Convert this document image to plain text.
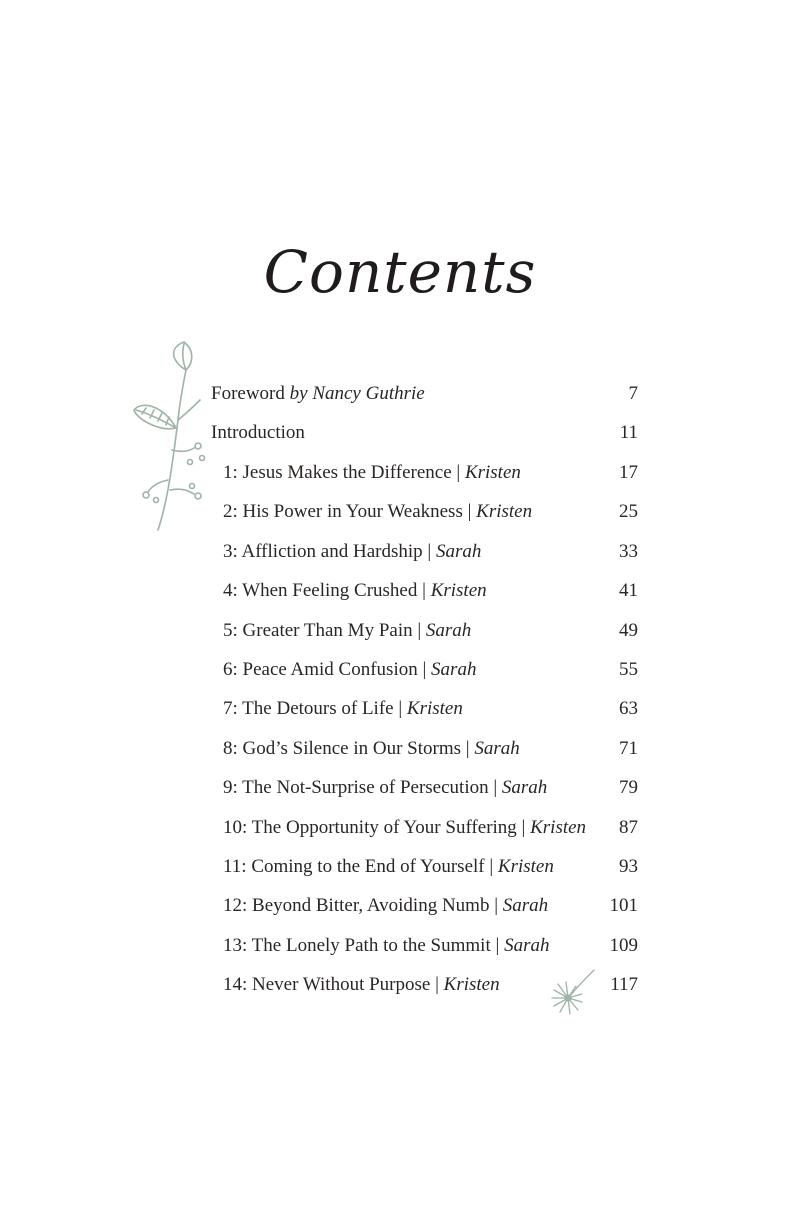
Contents
Foreword by Nancy Guthrie	7
Introduction	11
1: Jesus Makes the Difference | Kristen	17
2: His Power in Your Weakness | Kristen	25
3: Affliction and Hardship | Sarah	33
4: When Feeling Crushed | Kristen	41
5: Greater Than My Pain | Sarah	49
6: Peace Amid Confusion | Sarah	55
7: The Detours of Life | Kristen	63
8: God’s Silence in Our Storms | Sarah	71
9: The Not-Surprise of Persecution | Sarah	79
10: The Opportunity of Your Suffering | Kristen 87
11: Coming to the End of Yourself | Kristen	93
12: Beyond Bitter, Avoiding Numb | Sarah	101
13: The Lonely Path to the Summit | Sarah	109
14: Never Without Purpose | Kristen	117
